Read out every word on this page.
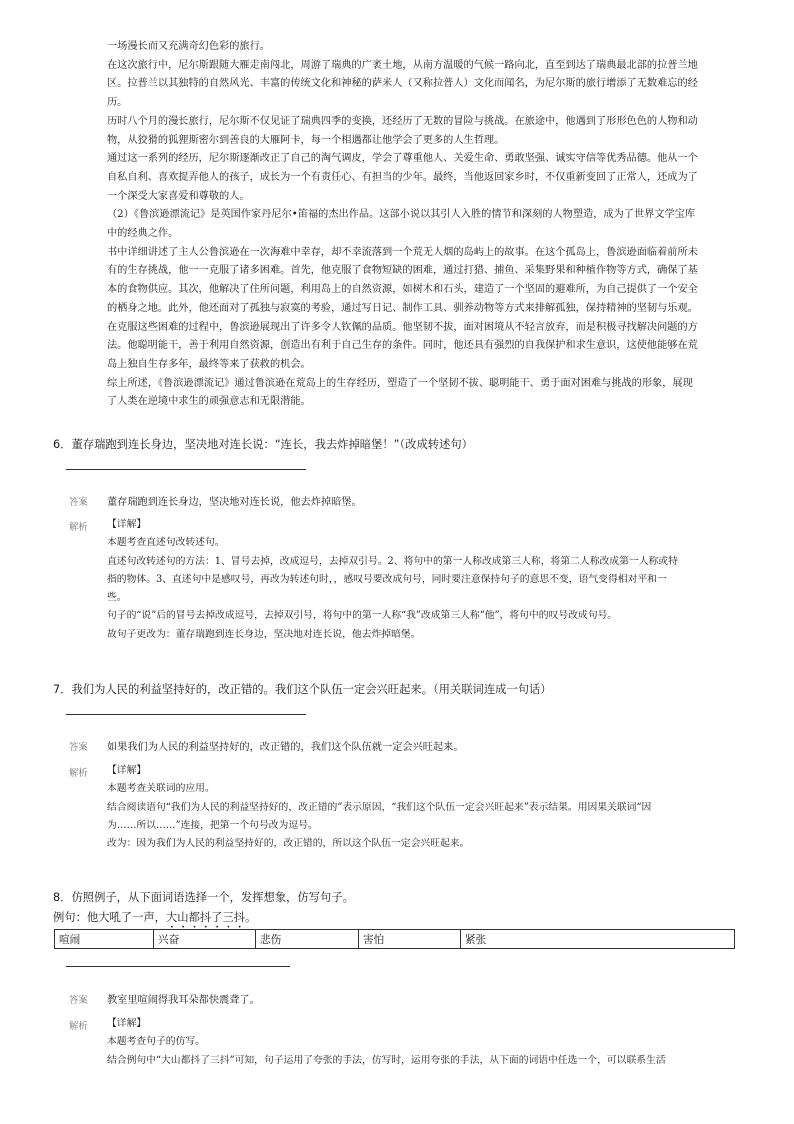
一场漫长而又充满奇幻色彩的旅行。
在这次旅行中，尼尔斯跟随大雁走南闯北，周游了瑞典的广袤土地，从南方温暖的气候一路向北，直至到达了瑞典最北部的拉普兰地
区。拉普兰以其独特的自然风光、丰富的传统文化和神秘的萨米人（又称拉普人）文化而闻名，为尼尔斯的旅行增添了无数难忘的经
历。
历时八个月的漫长旅行，尼尔斯不仅见证了瑞典四季的变换，还经历了无数的冒险与挑战。在旅途中，他遇到了形形色色的人物和动
物，从狡猾的狐狸斯密尔到善良的大雁阿卡，每一个相遇都让他学会了更多的人生哲理。
通过这一系列的经历，尼尔斯逐渐改正了自己的淘气调皮，学会了尊重他人、关爱生命、勇敢坚强、诚实守信等优秀品德。他从一个
自私自利、喜欢捉弄他人的孩子，成长为一个有责任心、有担当的少年。最终，当他返回家乡时，不仅重新变回了正常人，还成为了
一个深受大家喜爱和尊敬的人。
（2）《鲁滨逊漂流记》是英国作家丹尼尔•笛福的杰出作品。这部小说以其引人入胜的情节和深刻的人物塑造，成为了世界文学宝库
中的经典之作。
书中详细讲述了主人公鲁滨逊在一次海难中幸存，却不幸流落到一个荒无人烟的岛屿上的故事。在这个孤岛上，鲁滨逊面临着前所未
有的生存挑战，他一一克服了诸多困难。首先，他克服了食物短缺的困难，通过打猎、捕鱼、采集野果和种植作物等方式，确保了基
本的食物供应。其次，他解决了住所问题，利用岛上的自然资源，如树木和石头，建造了一个坚固的避难所，为自己提供了一个安全
的栖身之地。此外，他还面对了孤独与寂寞的考验，通过写日记、制作工具、驯养动物等方式来排解孤独，保持精神的坚韧与乐观。
在克服这些困难的过程中，鲁滨逊展现出了许多令人钦佩的品质。他坚韧不拔，面对困境从不轻言放弃，而是积极寻找解决问题的方
法。他聪明能干，善于利用自然资源，创造出有利于自己生存的条件。同时，他还具有强烈的自我保护和求生意识，这使他能够在荒
岛上独自生存多年，最终等来了获救的机会。
综上所述，《鲁滨逊漂流记》通过鲁滨逊在荒岛上的生存经历，塑造了一个坚韧不拔、聪明能干、勇于面对困难与挑战的形象，展现
了人类在逆境中求生的顽强意志和无限潜能。
6．董存瑞跑到连长身边，坚决地对连长说：“连长，我去炸掉暗堡！”（改成转述句）
答案 董存瑞跑到连长身边，坚决地对连长说，他去炸掉暗堡。
解析 【详解】
本题考查直述句改转述句。
直述句改转述句的方法：1、冒号去掉，改成逗号，去掉双引号。2、将句中的第一人称改成第三人称，将第二人称改成第一人称或特
指的物体。3、直述句中是感叹号，再改为转述句时，，感叹号要改成句号，同时要注意保持句子的意思不变，语气变得相对平和一
些。
句子的“说”后的冒号去掉改成逗号，去掉双引号，将句中的第一人称“我”改成第三人称“他”，将句中的叹号改成句号。
故句子更改为：董存瑞跑到连长身边，坚决地对连长说，他去炸掉暗堡。
7．我们为人民的利益坚持好的，改正错的。我们这个队伍一定会兴旺起来。（用关联词连成一句话）
答案 如果我们为人民的利益坚持好的，改正错的，我们这个队伍就一定会兴旺起来。
解析 【详解】
本题考查关联词的应用。
结合阅读语句“我们为人民的利益坚持好的，改正错的”表示原因，“我们这个队伍一定会兴旺起来”表示结果。用因果关联词“因
为……所以……”连接，把第一个句号改为逗号。
改为：因为我们为人民的利益坚持好的，改正错的，所以这个队伍一定会兴旺起来。
8．仿照例子，从下面词语选择一个，发挥想象，仿写句子。
例句：他大吼了一声，大山都抖了三抖。
喧闹	兴奋	悲伤	害怕	紧张
答案 教室里喧闹得我耳朵都快震聋了。
解析 【详解】
本题考查句子的仿写。
结合例句中“大山都抖了三抖”可知，句子运用了夸张的手法，仿写时，运用夸张的手法，从下面的词语中任选一个，可以联系生活
